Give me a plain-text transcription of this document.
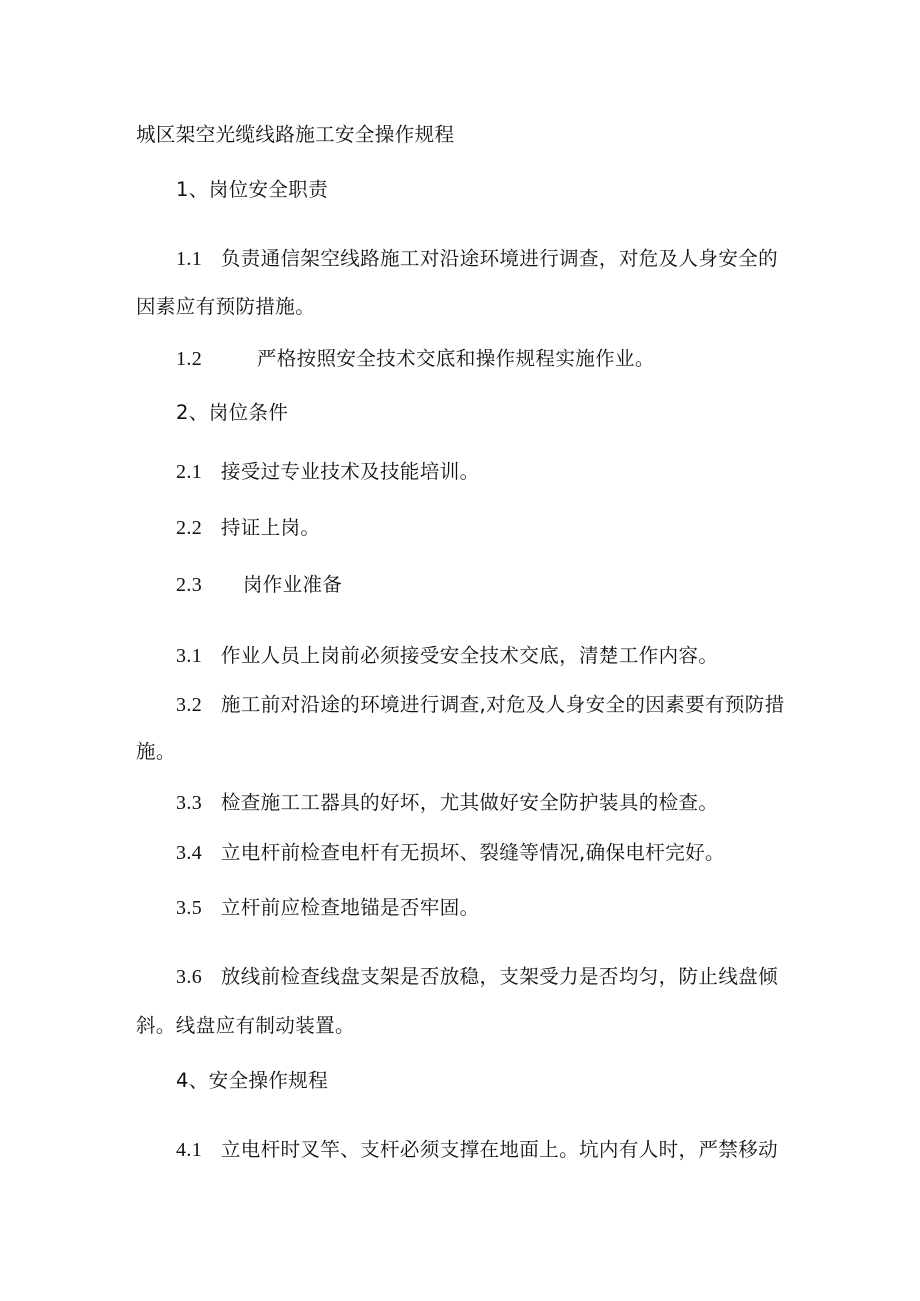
城区架空光缆线路施工安全操作规程
1、岗位安全职责
1.1 负责通信架空线路施工对沿途环境进行调查，对危及人身安全的
因素应有预防措施。
1.2	严格按照安全技术交底和操作规程实施作业。
2、岗位条件
2.1 接受过专业技术及技能培训。
2.2 持证上岗。
2.3 岗作业准备
3.1 作业人员上岗前必须接受安全技术交底，清楚工作内容。
3.2 施工前对沿途的环境进行调查,对危及人身安全的因素要有预防措
施。
3.3 检查施工工器具的好坏，尤其做好安全防护装具的检查。
3.4 立电杆前检查电杆有无损坏、裂缝等情况,确保电杆完好。
3.5 立杆前应检查地锚是否牢固。
3.6 放线前检查线盘支架是否放稳，支架受力是否均匀，防止线盘倾
斜。线盘应有制动装置。
4、安全操作规程
4.1 立电杆时叉竿、支杆必须支撑在地面上。坑内有人时，严禁移动
